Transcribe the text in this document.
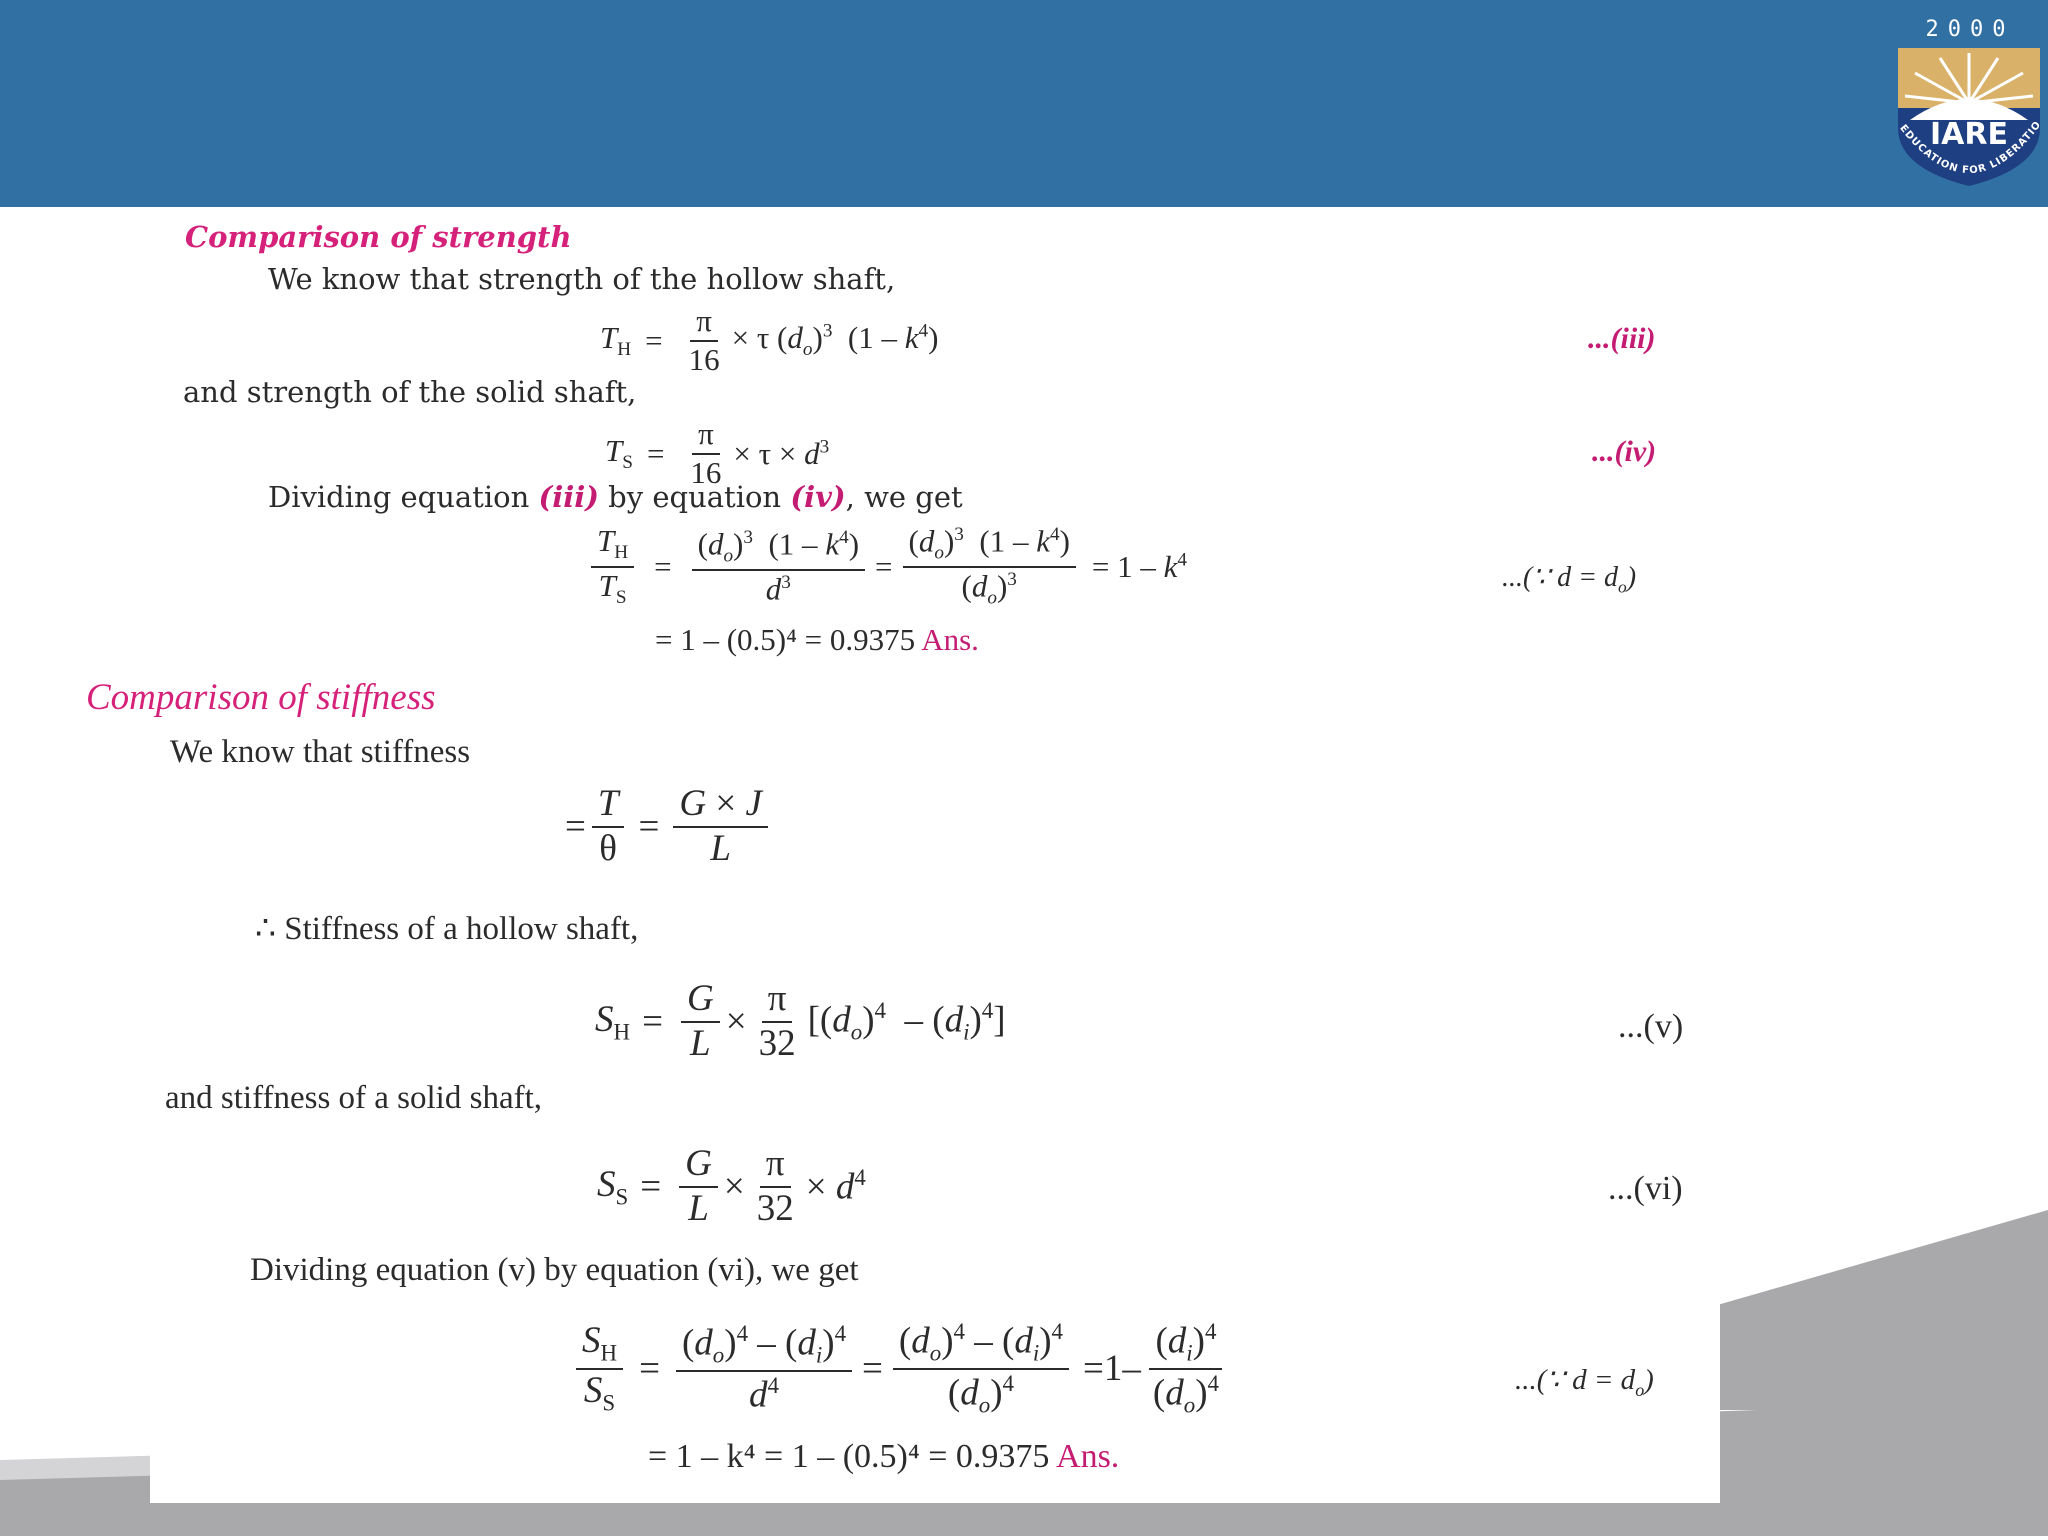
2000
IARE
EDUCATION FOR LIBERATIO
Comparison of strength
We know that strength of the hollow shaft,
$T_H = \frac{\pi}{16} \times \tau$ $(d_o)^3$  $(1 - k^4)$	...(iii)
and strength of the solid shaft,
$T_S = \frac{\pi}{16} \times \tau \times d^3$	...(iv)
Dividing equation (iii) by equation (iv), we get
$\frac{T_H}{T_S} = \frac{(d_o)^3 (1 - k^4)}{d^3} = \frac{(d_o)^3 (1 - k^4)}{(d_o)^3} = 1 - k^4$
...(∵ $d = d_o$)
= 1 – (0.5)⁴ = 0.9375 Ans.
Comparison of stiffness
We know that stiffness
= $\frac{T}{\theta} = \frac{G \times J}{L}$
∴ Stiffness of a hollow shaft,
$S_H = \frac{G}{L} \times \frac{\pi}{32} [(d_o)^4 - (d_i)^4]$	...(v)
and stiffness of a solid shaft,
$S_S = \frac{G}{L} \times \frac{\pi}{32} \times d^4$	...(vi)
Dividing equation (v) by equation (vi), we get
$\frac{S_H}{S_S} = \frac{(d_o)^4 - (d_i)^4}{d^4} = \frac{(d_o)^4 - (d_i)^4}{(d_o)^4} =1- \frac{(d_i)^4}{(d_o)^4}$	...(∵ $d = d_o$)
= 1 – k⁴ = 1 – (0.5)⁴ = 0.9375 Ans.
